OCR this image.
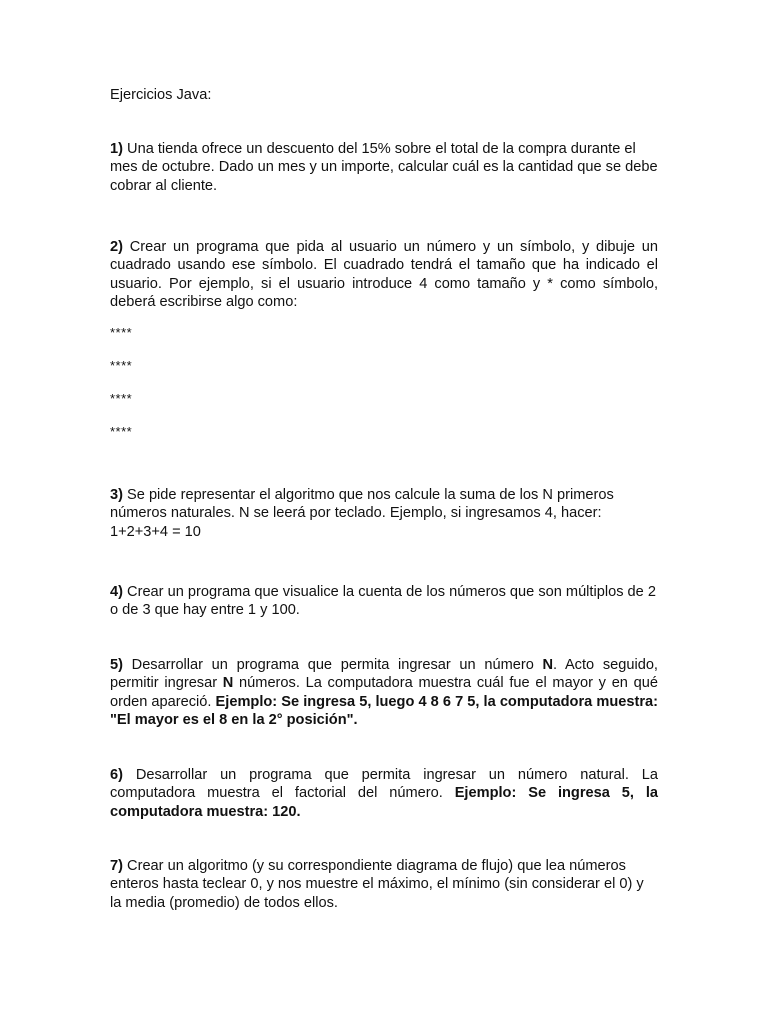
Ejercicios Java:
1) Una tienda ofrece un descuento del 15% sobre el total de la compra durante el mes de octubre. Dado un mes y un importe, calcular cuál es la cantidad que se debe cobrar al cliente.
2) Crear un programa que pida al usuario un número y un símbolo, y dibuje un cuadrado usando ese símbolo. El cuadrado tendrá el tamaño que ha indicado el usuario. Por ejemplo, si el usuario introduce 4 como tamaño y * como símbolo, deberá escribirse algo como:
****
****
****
****
3) Se pide representar el algoritmo que nos calcule la suma de los N primeros números naturales. N se leerá por teclado. Ejemplo, si ingresamos 4, hacer: 1+2+3+4 = 10
4) Crear un programa que visualice la cuenta de los números que son múltiplos de 2 o de 3 que hay entre 1 y 100.
5) Desarrollar un programa que permita ingresar un número N. Acto seguido, permitir ingresar N números. La computadora muestra cuál fue el mayor y en qué orden apareció. Ejemplo: Se ingresa 5, luego 4 8 6 7 5, la computadora muestra: "El mayor es el 8 en la 2° posición".
6) Desarrollar un programa que permita ingresar un número natural. La computadora muestra el factorial del número. Ejemplo: Se ingresa 5, la computadora muestra: 120.
7) Crear un algoritmo (y su correspondiente diagrama de flujo) que lea números enteros hasta teclear 0, y nos muestre el máximo, el mínimo (sin considerar el 0) y la media (promedio) de todos ellos.
